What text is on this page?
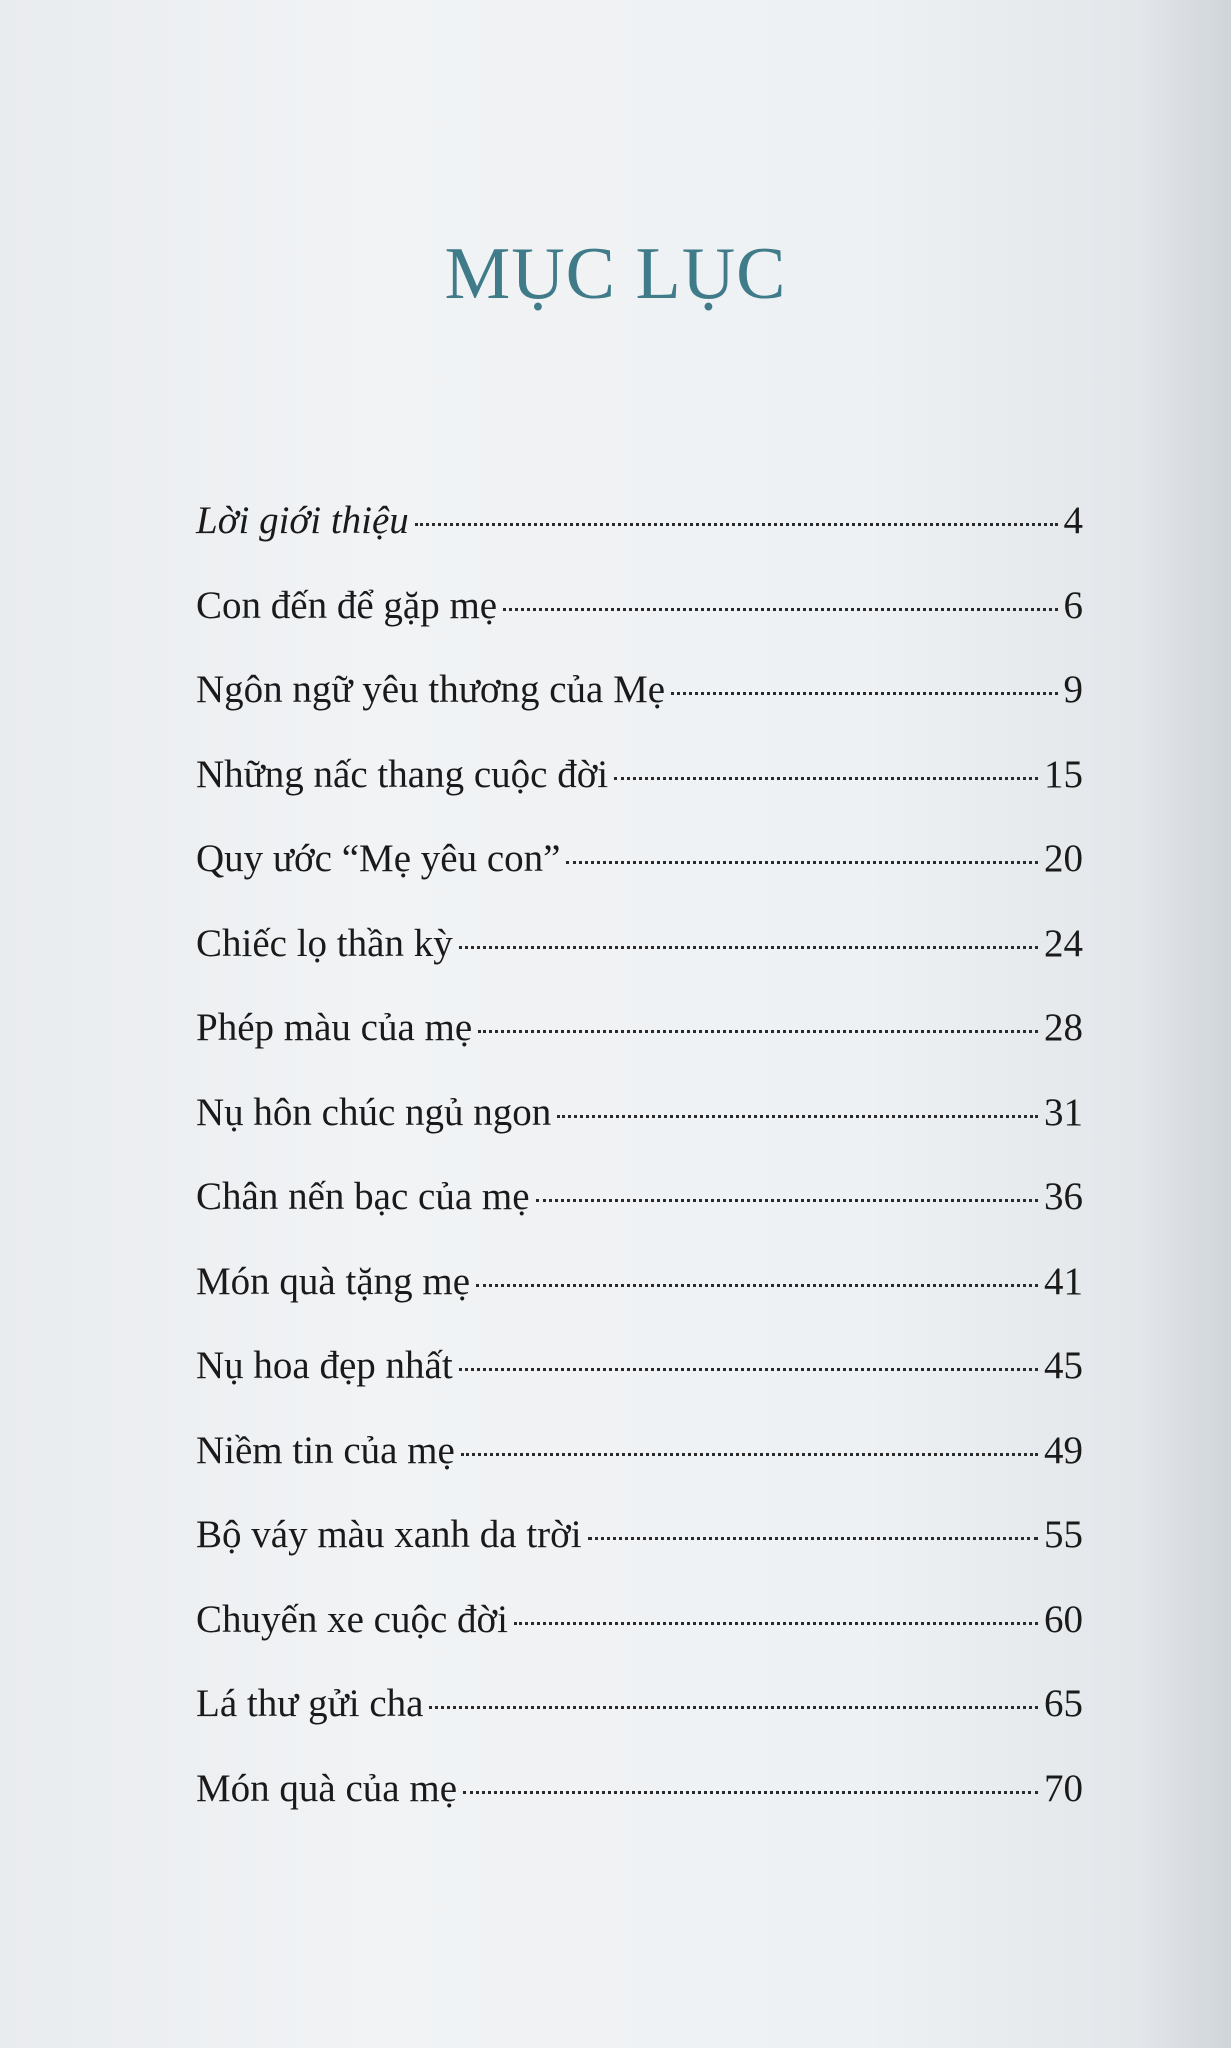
MỤC LỤC
Lời giới thiệu	4
Con đến để gặp mẹ	6
Ngôn ngữ yêu thương của Mẹ	9
Những nấc thang cuộc đời	15
Quy ước “Mẹ yêu con”	20
Chiếc lọ thần kỳ	24
Phép màu của mẹ	28
Nụ hôn chúc ngủ ngon	31
Chân nến bạc của mẹ	36
Món quà tặng mẹ	41
Nụ hoa đẹp nhất	45
Niềm tin của mẹ	49
Bộ váy màu xanh da trời	55
Chuyến xe cuộc đời	60
Lá thư gửi cha	65
Món quà của mẹ	70
